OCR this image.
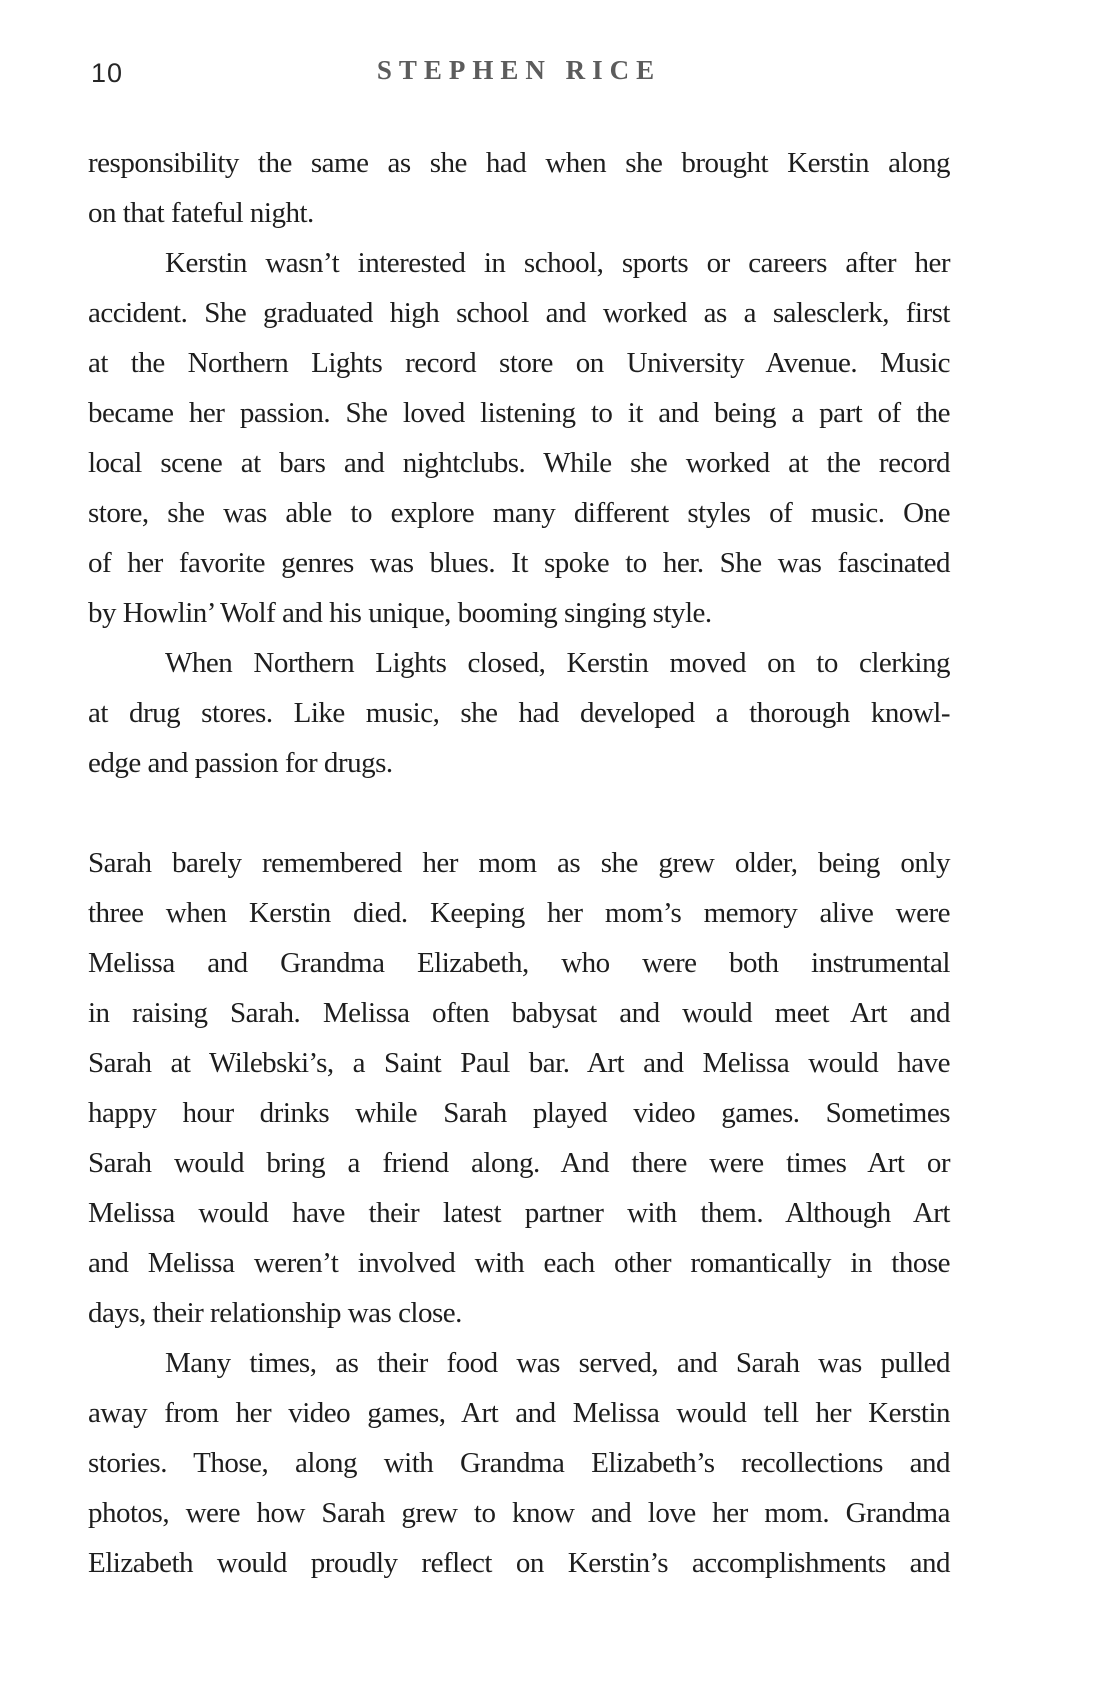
10	STEPHEN RICE

responsibility the same as she had when she brought Kerstin along
on that fateful night.

Kerstin wasn’t interested in school, sports or careers after her
accident. She graduated high school and worked as a salesclerk, first
at the Northern Lights record store on University Avenue. Music
became her passion. She loved listening to it and being a part of the
local scene at bars and nightclubs. While she worked at the record
store, she was able to explore many different styles of music. One
of her favorite genres was blues. It spoke to her. She was fascinated
by Howlin’ Wolf and his unique, booming singing style.

When Northern Lights closed, Kerstin moved on to clerking
at drug stores. Like music, she had developed a thorough knowl-
edge and passion for drugs.

Sarah barely remembered her mom as she grew older, being only
three when Kerstin died. Keeping her mom’s memory alive were
Melissa and Grandma Elizabeth, who were both instrumental
in raising Sarah. Melissa often babysat and would meet Art and
Sarah at Wilebski’s, a Saint Paul bar. Art and Melissa would have
happy hour drinks while Sarah played video games. Sometimes
Sarah would bring a friend along. And there were times Art or
Melissa would have their latest partner with them. Although Art
and Melissa weren’t involved with each other romantically in those
days, their relationship was close.

Many times, as their food was served, and Sarah was pulled
away from her video games, Art and Melissa would tell her Kerstin
stories. Those, along with Grandma Elizabeth’s recollections and
photos, were how Sarah grew to know and love her mom. Grandma
Elizabeth would proudly reflect on Kerstin’s accomplishments and
